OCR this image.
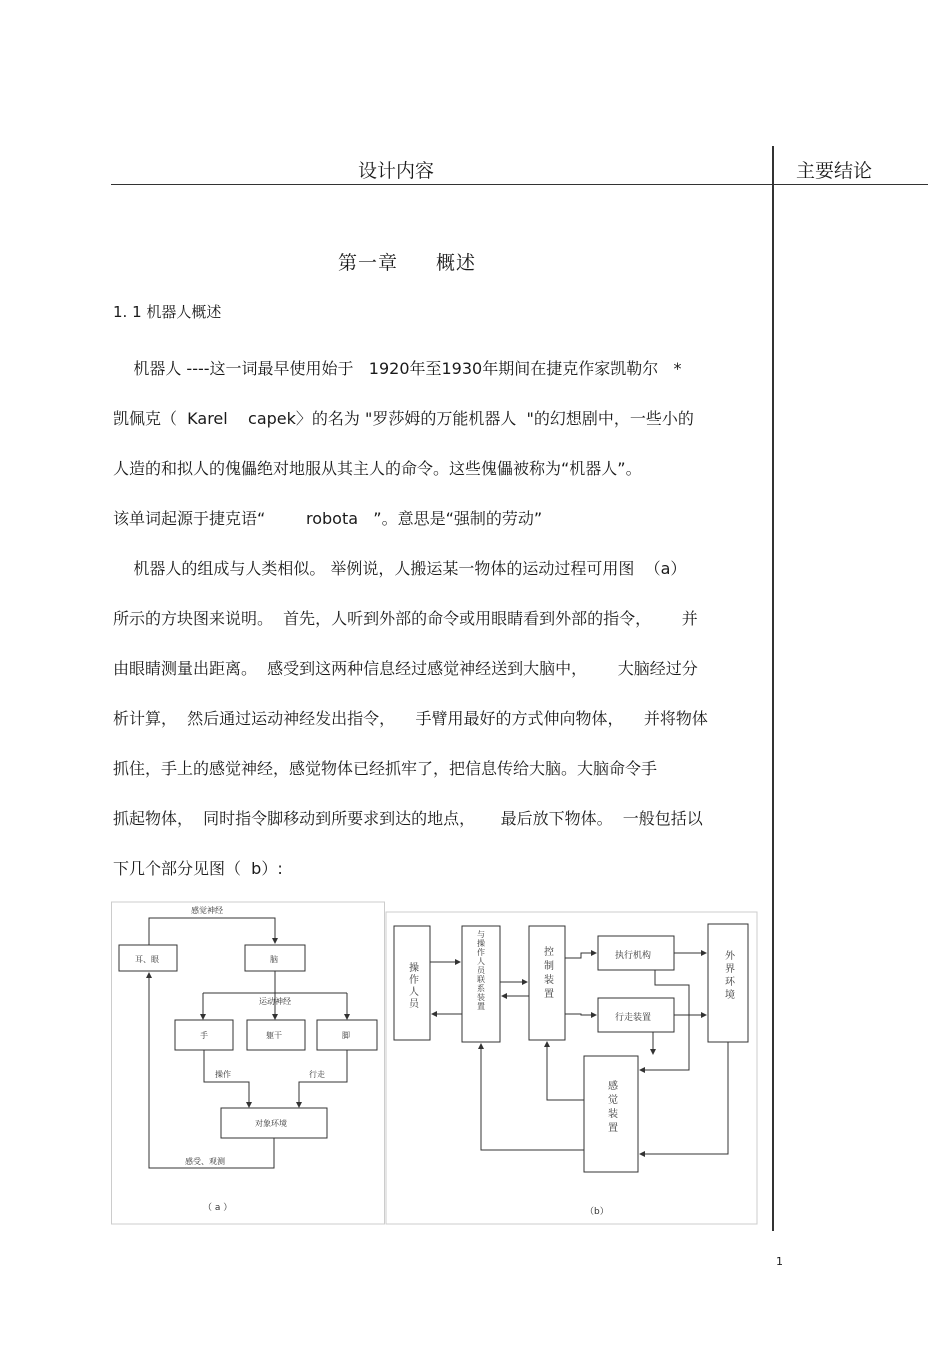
设计内容	主要结论
第一章 概述
1. 1 机器人概述
机器人 ----这一词最早使用始于   1920年至1930年期间在捷克作家凯勒尔   *
凯佩克（  Karel    capek〉的名为 "罗莎姆的万能机器人  "的幻想剧中，一些小的
人造的和拟人的傀儡绝对地服从其主人的命令。这些傀儡被称为“机器人”。
该单词起源于捷克语“        robota   ”。意思是“强制的劳动”
机器人的组成与人类相似。 举例说，人搬运某一物体的运动过程可用图  （a）
所示的方块图来说明。  首先，人听到外部的命令或用眼睛看到外部的指令，      并
由眼睛测量出距离。  感受到这两种信息经过感觉神经送到大脑中，      大脑经过分
析计算，  然后通过运动神经发出指令，    手臂用最好的方式伸向物体，    并将物体
抓住，手上的感觉神经，感觉物体已经抓牢了，把信息传给大脑。大脑命令手
抓起物体，  同时指令脚移动到所要求到达的地点，     最后放下物体。  一般包括以
下几个部分见图（  b）:
感觉神经
耳、眼	脑
运动神经
手	躯干	脚
操作	行走
对象环境
感受、观测
（ a ）
操作人员	与操作人员联系装置	控制装置	执行机构
行走装置
外界环境
感觉装置
（b）
1
